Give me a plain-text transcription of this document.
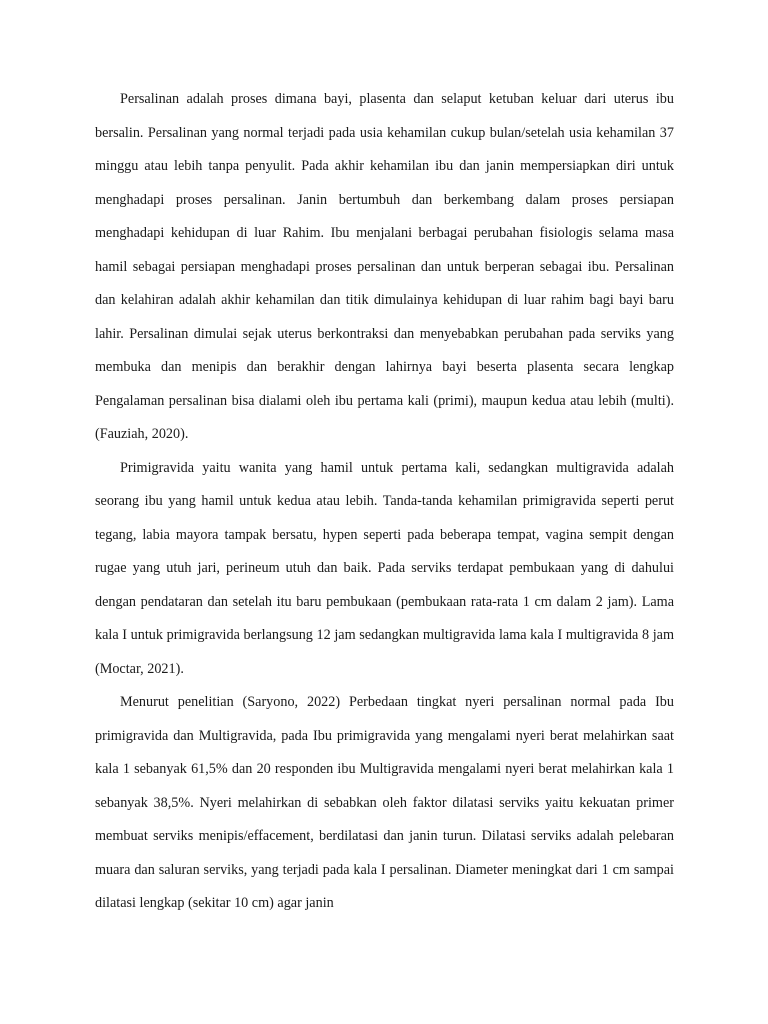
Persalinan adalah proses dimana bayi, plasenta dan selaput ketuban keluar dari uterus ibu bersalin. Persalinan yang normal terjadi pada usia kehamilan cukup bulan/setelah usia kehamilan 37 minggu atau lebih tanpa penyulit. Pada akhir kehamilan ibu dan janin mempersiapkan diri untuk menghadapi proses persalinan. Janin bertumbuh dan berkembang dalam proses persiapan menghadapi kehidupan di luar Rahim. Ibu menjalani berbagai perubahan fisiologis selama masa hamil sebagai persiapan menghadapi proses persalinan dan untuk berperan sebagai ibu. Persalinan dan kelahiran adalah akhir kehamilan dan titik dimulainya kehidupan di luar rahim bagi bayi baru lahir. Persalinan dimulai sejak uterus berkontraksi dan menyebabkan perubahan pada serviks yang membuka dan menipis dan berakhir dengan lahirnya bayi beserta plasenta secara lengkap Pengalaman persalinan bisa dialami oleh ibu pertama kali (primi), maupun kedua atau lebih (multi). (Fauziah, 2020).

Primigravida yaitu wanita yang hamil untuk pertama kali, sedangkan multigravida adalah seorang ibu yang hamil untuk kedua atau lebih. Tanda-tanda kehamilan primigravida seperti perut tegang, labia mayora tampak bersatu, hypen seperti pada beberapa tempat, vagina sempit dengan rugae yang utuh jari, perineum utuh dan baik. Pada serviks terdapat pembukaan yang di dahului dengan pendataran dan setelah itu baru pembukaan (pembukaan rata-rata 1 cm dalam 2 jam). Lama kala I untuk primigravida berlangsung 12 jam sedangkan multigravida lama kala I multigravida 8 jam (Moctar, 2021).

Menurut penelitian (Saryono, 2022) Perbedaan tingkat nyeri persalinan normal pada Ibu primigravida dan Multigravida, pada Ibu primigravida yang mengalami nyeri berat melahirkan saat kala 1 sebanyak 61,5% dan 20 responden ibu Multigravida mengalami nyeri berat melahirkan kala 1 sebanyak 38,5%. Nyeri melahirkan di sebabkan oleh faktor dilatasi serviks yaitu kekuatan primer membuat serviks menipis/effacement, berdilatasi dan janin turun. Dilatasi serviks adalah pelebaran muara dan saluran serviks, yang terjadi pada kala I persalinan. Diameter meningkat dari 1 cm sampai dilatasi lengkap (sekitar 10 cm) agar janin
